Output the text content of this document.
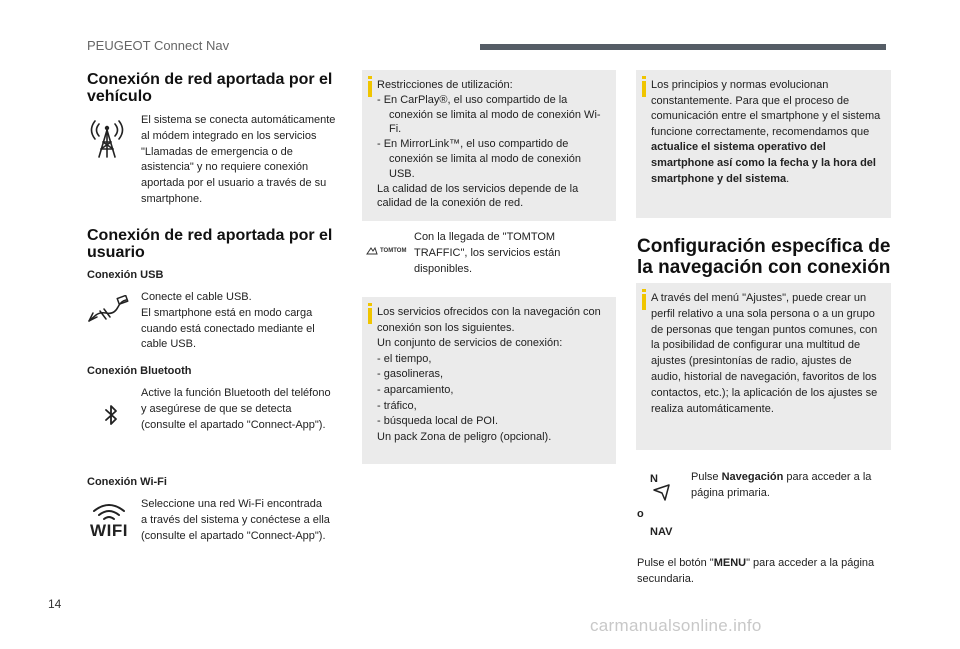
PEUGEOT Connect Nav
Conexión de red aportada por el vehículo
El sistema se conecta automáticamente al módem integrado en los servicios "Llamadas de emergencia o de asistencia" y no requiere conexión aportada por el usuario a través de su smartphone.
Conexión de red aportada por el usuario
Conexión USB

Conecte el cable USB.

El smartphone está en modo carga cuando está conectado mediante el cable USB.

Conexión Bluetooth
Active la función Bluetooth del teléfono y asegúrese de que se detecta (consulte el apartado "Connect-App").
Conexión Wi-Fi
WIFI
Seleccione una red Wi-Fi encontrada a través del sistema y conéctese a ella (consulte el apartado "Connect-App").

Restricciones de utilización:

- En CarPlay®, el uso compartido de la conexión se limita al modo de conexión Wi-Fi.

- En MirrorLink™, el uso compartido de conexión se limita al modo de conexión USB.

La calidad de los servicios depende de la calidad de la conexión de red.

TOMTOM
Con la llegada de "TOMTOM TRAFFIC", los servicios están disponibles.

Los servicios ofrecidos con la navegación con conexión son los siguientes.

Un conjunto de servicios de conexión:

- el tiempo,

- gasolineras,

- aparcamiento,

- tráfico,

- búsqueda local de POI.

Un pack Zona de peligro (opcional).

Los principios y normas evolucionan constantemente. Para que el proceso de comunicación entre el smartphone y el sistema funcione correctamente, recomendamos que actualice el sistema operativo del smartphone así como la fecha y la hora del smartphone y del sistema.
Configuración específica de la navegación con conexión
A través del menú "Ajustes", puede crear un perfil relativo a una sola persona o a un grupo de personas que tengan puntos comunes, con la posibilidad de configurar una multitud de ajustes (presintonías de radio, ajustes de audio, historial de navegación, favoritos de los contactos, etc.); la aplicación de los ajustes se realiza automáticamente.
N	Pulse Navegación para acceder a la página primaria.
o
NAV
Pulse el botón "MENU" para acceder a la página secundaria.
14
carmanualsonline.info
